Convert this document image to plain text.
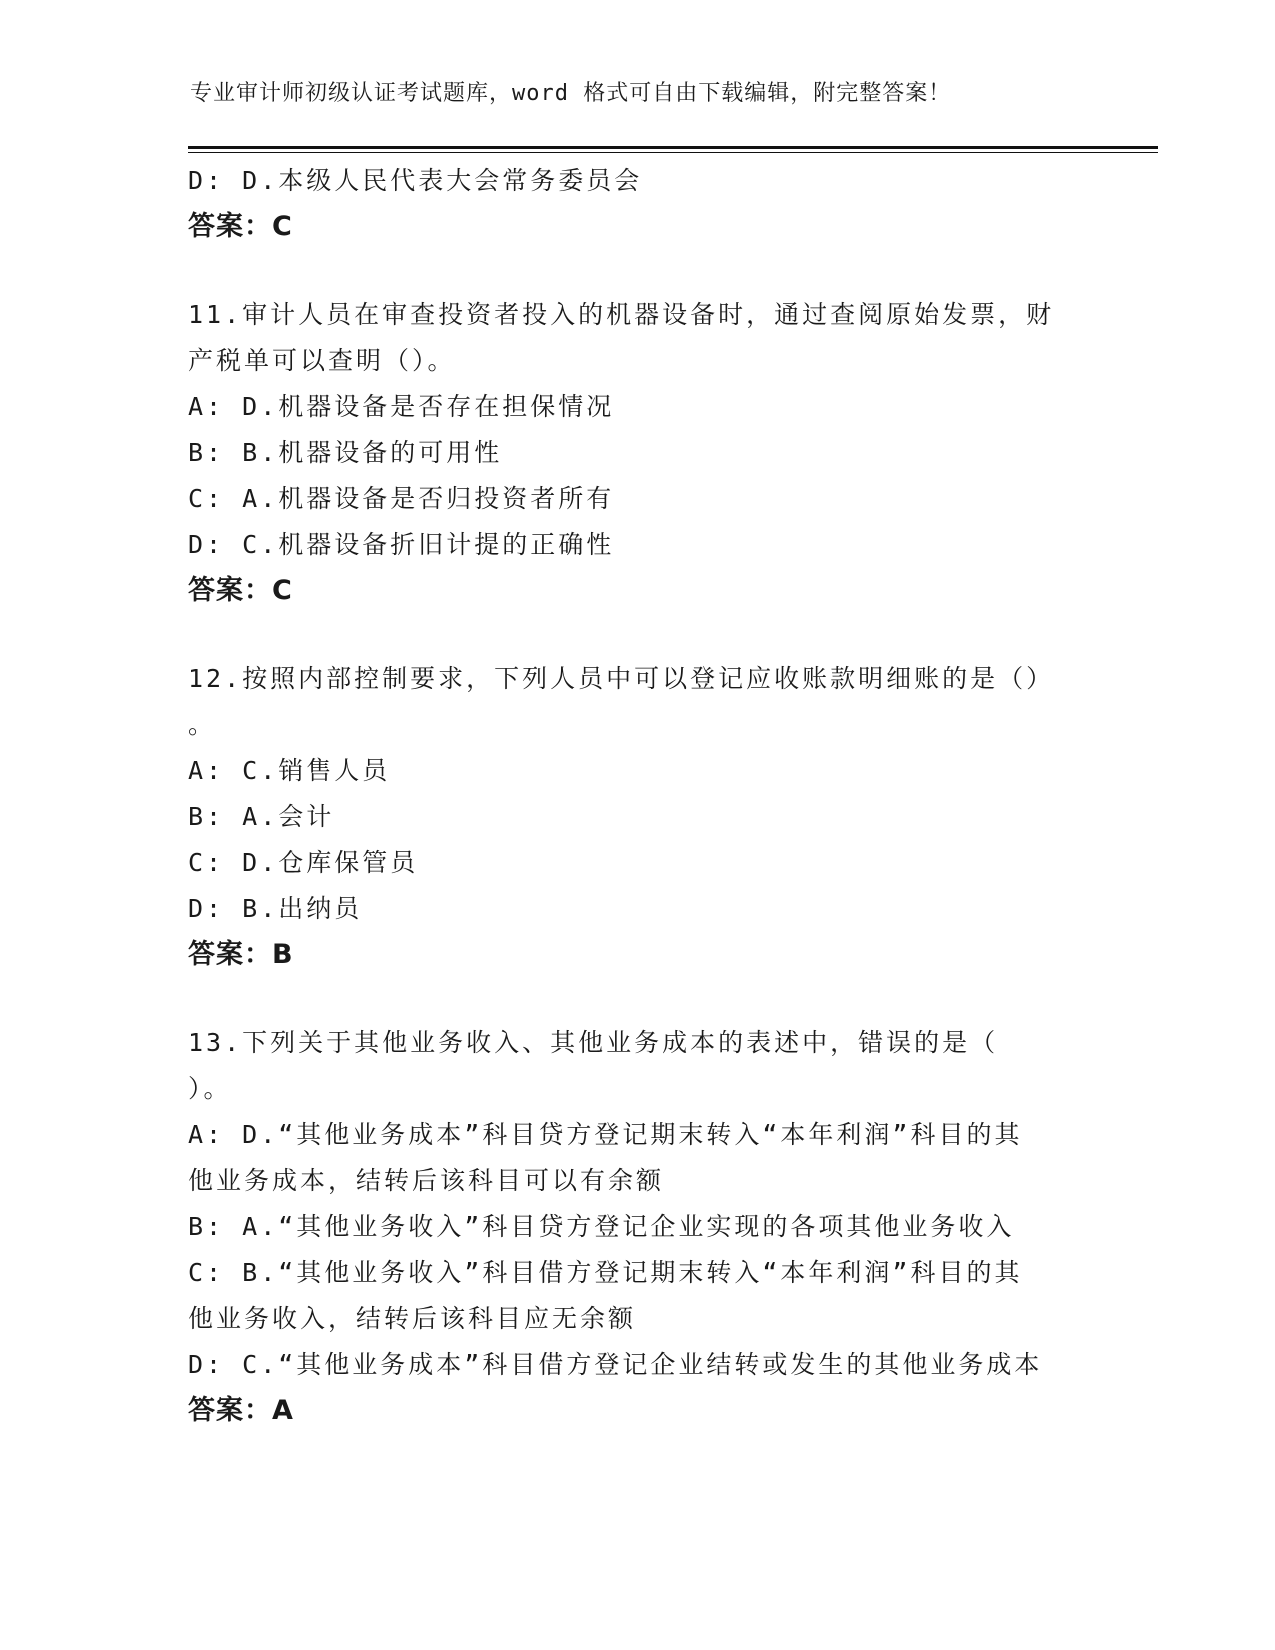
专业审计师初级认证考试题库，word 格式可自由下载编辑，附完整答案！
D: D.本级人民代表大会常务委员会
答案：C
11.审计人员在审查投资者投入的机器设备时，通过查阅原始发票，财
产税单可以查明（）。
A: D.机器设备是否存在担保情况
B: B.机器设备的可用性
C: A.机器设备是否归投资者所有
D: C.机器设备折旧计提的正确性
答案：C
12.按照内部控制要求，下列人员中可以登记应收账款明细账的是（）
。
A: C.销售人员
B: A.会计
C: D.仓库保管员
D: B.出纳员
答案：B
13.下列关于其他业务收入、其他业务成本的表述中，错误的是（
）。
A: D.“其他业务成本”科目贷方登记期末转入“本年利润”科目的其
他业务成本，结转后该科目可以有余额
B: A.“其他业务收入”科目贷方登记企业实现的各项其他业务收入
C: B.“其他业务收入”科目借方登记期末转入“本年利润”科目的其
他业务收入，结转后该科目应无余额
D: C.“其他业务成本”科目借方登记企业结转或发生的其他业务成本
答案：A
